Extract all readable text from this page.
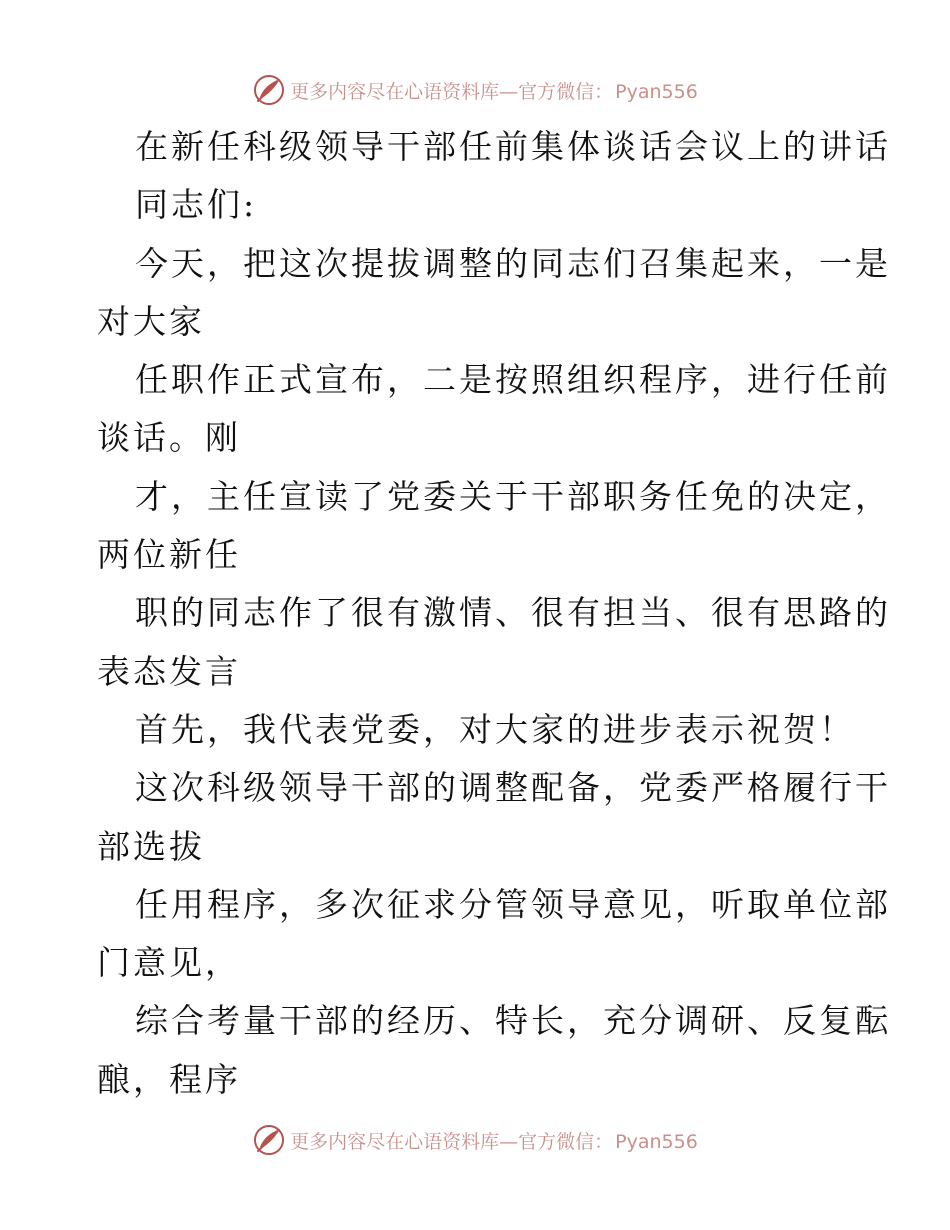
更多内容尽在心语资料库—官方微信： Pyan556
在新任科级领导干部任前集体谈话会议上的讲话
同志们:
今天，把这次提拔调整的同志们召集起来，一是
对大家
任职作正式宣布，二是按照组织程序，进行任前
谈话。刚
才，主任宣读了党委关于干部职务任免的决定，
两位新任
职的同志作了很有激情、很有担当、很有思路的
表态发言
首先，我代表党委，对大家的进步表示祝贺！
这次科级领导干部的调整配备，党委严格履行干
部选拔
任用程序，多次征求分管领导意见，听取单位部
门意见，
综合考量干部的经历、特长，充分调研、反复酝
酿，程序
更多内容尽在心语资料库—官方微信： Pyan556
